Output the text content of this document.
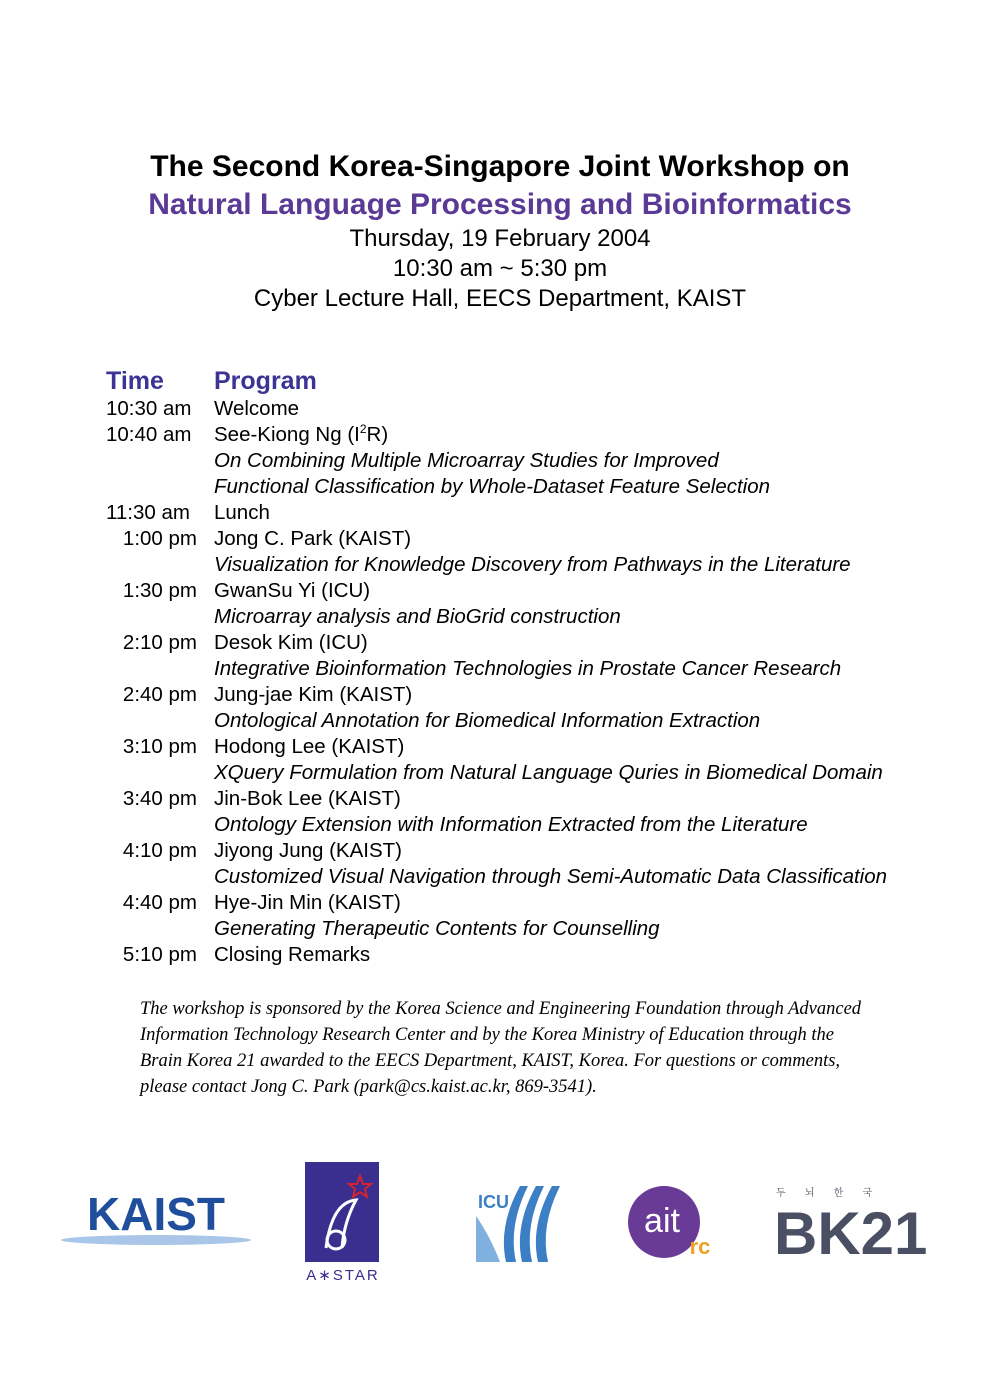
The Second Korea-Singapore Joint Workshop on

Natural Language Processing and Bioinformatics

Thursday, 19 February 2004

10:30 am ~ 5:30 pm

Cyber Lecture Hall, EECS Department, KAIST

Time	Program
10:30 am	Welcome
10:40 am	See-Kiong Ng $(I^2R)$
On Combining Multiple Microarray Studies for Improved
Functional Classification by Whole-Dataset Feature Selection
11:30 am	Lunch
1:00 pm Jong C. Park (KAIST)
Visualization for Knowledge Discovery from Pathways in the Literature
1:30 pm GwanSu Yi (ICU)
Microarray analysis and BioGrid construction
2:10 pm Desok Kim (ICU)
Integrative Bioinformation Technologies in Prostate Cancer Research
2:40 pm Jung-jae Kim (KAIST)
Ontological Annotation for Biomedical Information Extraction
3:10 pm Hodong Lee (KAIST)
XQuery Formulation from Natural Language Quries in Biomedical Domain
3:40 pm Jin-Bok Lee (KAIST)
Ontology Extension with Information Extracted from the Literature
4:10 pm Jiyong Jung (KAIST)
Customized Visual Navigation through Semi-Automatic Data Classification
4:40 pm Hye-Jin Min (KAIST)
Generating Therapeutic Contents for Counselling
5:10 pm Closing Remarks

The workshop is sponsored by the Korea Science and Engineering Foundation through Advanced

Information Technology Research Center and by the Korea Ministry of Education through the

Brain Korea 21 awarded to the EECS Department, KAIST, Korea. For questions or comments,

please contact Jong C. Park (park@cs.kaist.ac.kr, 869-3541).

KAIST
A∗STAR
ICU	ait
rc
두 뇌 한 국
BK21
